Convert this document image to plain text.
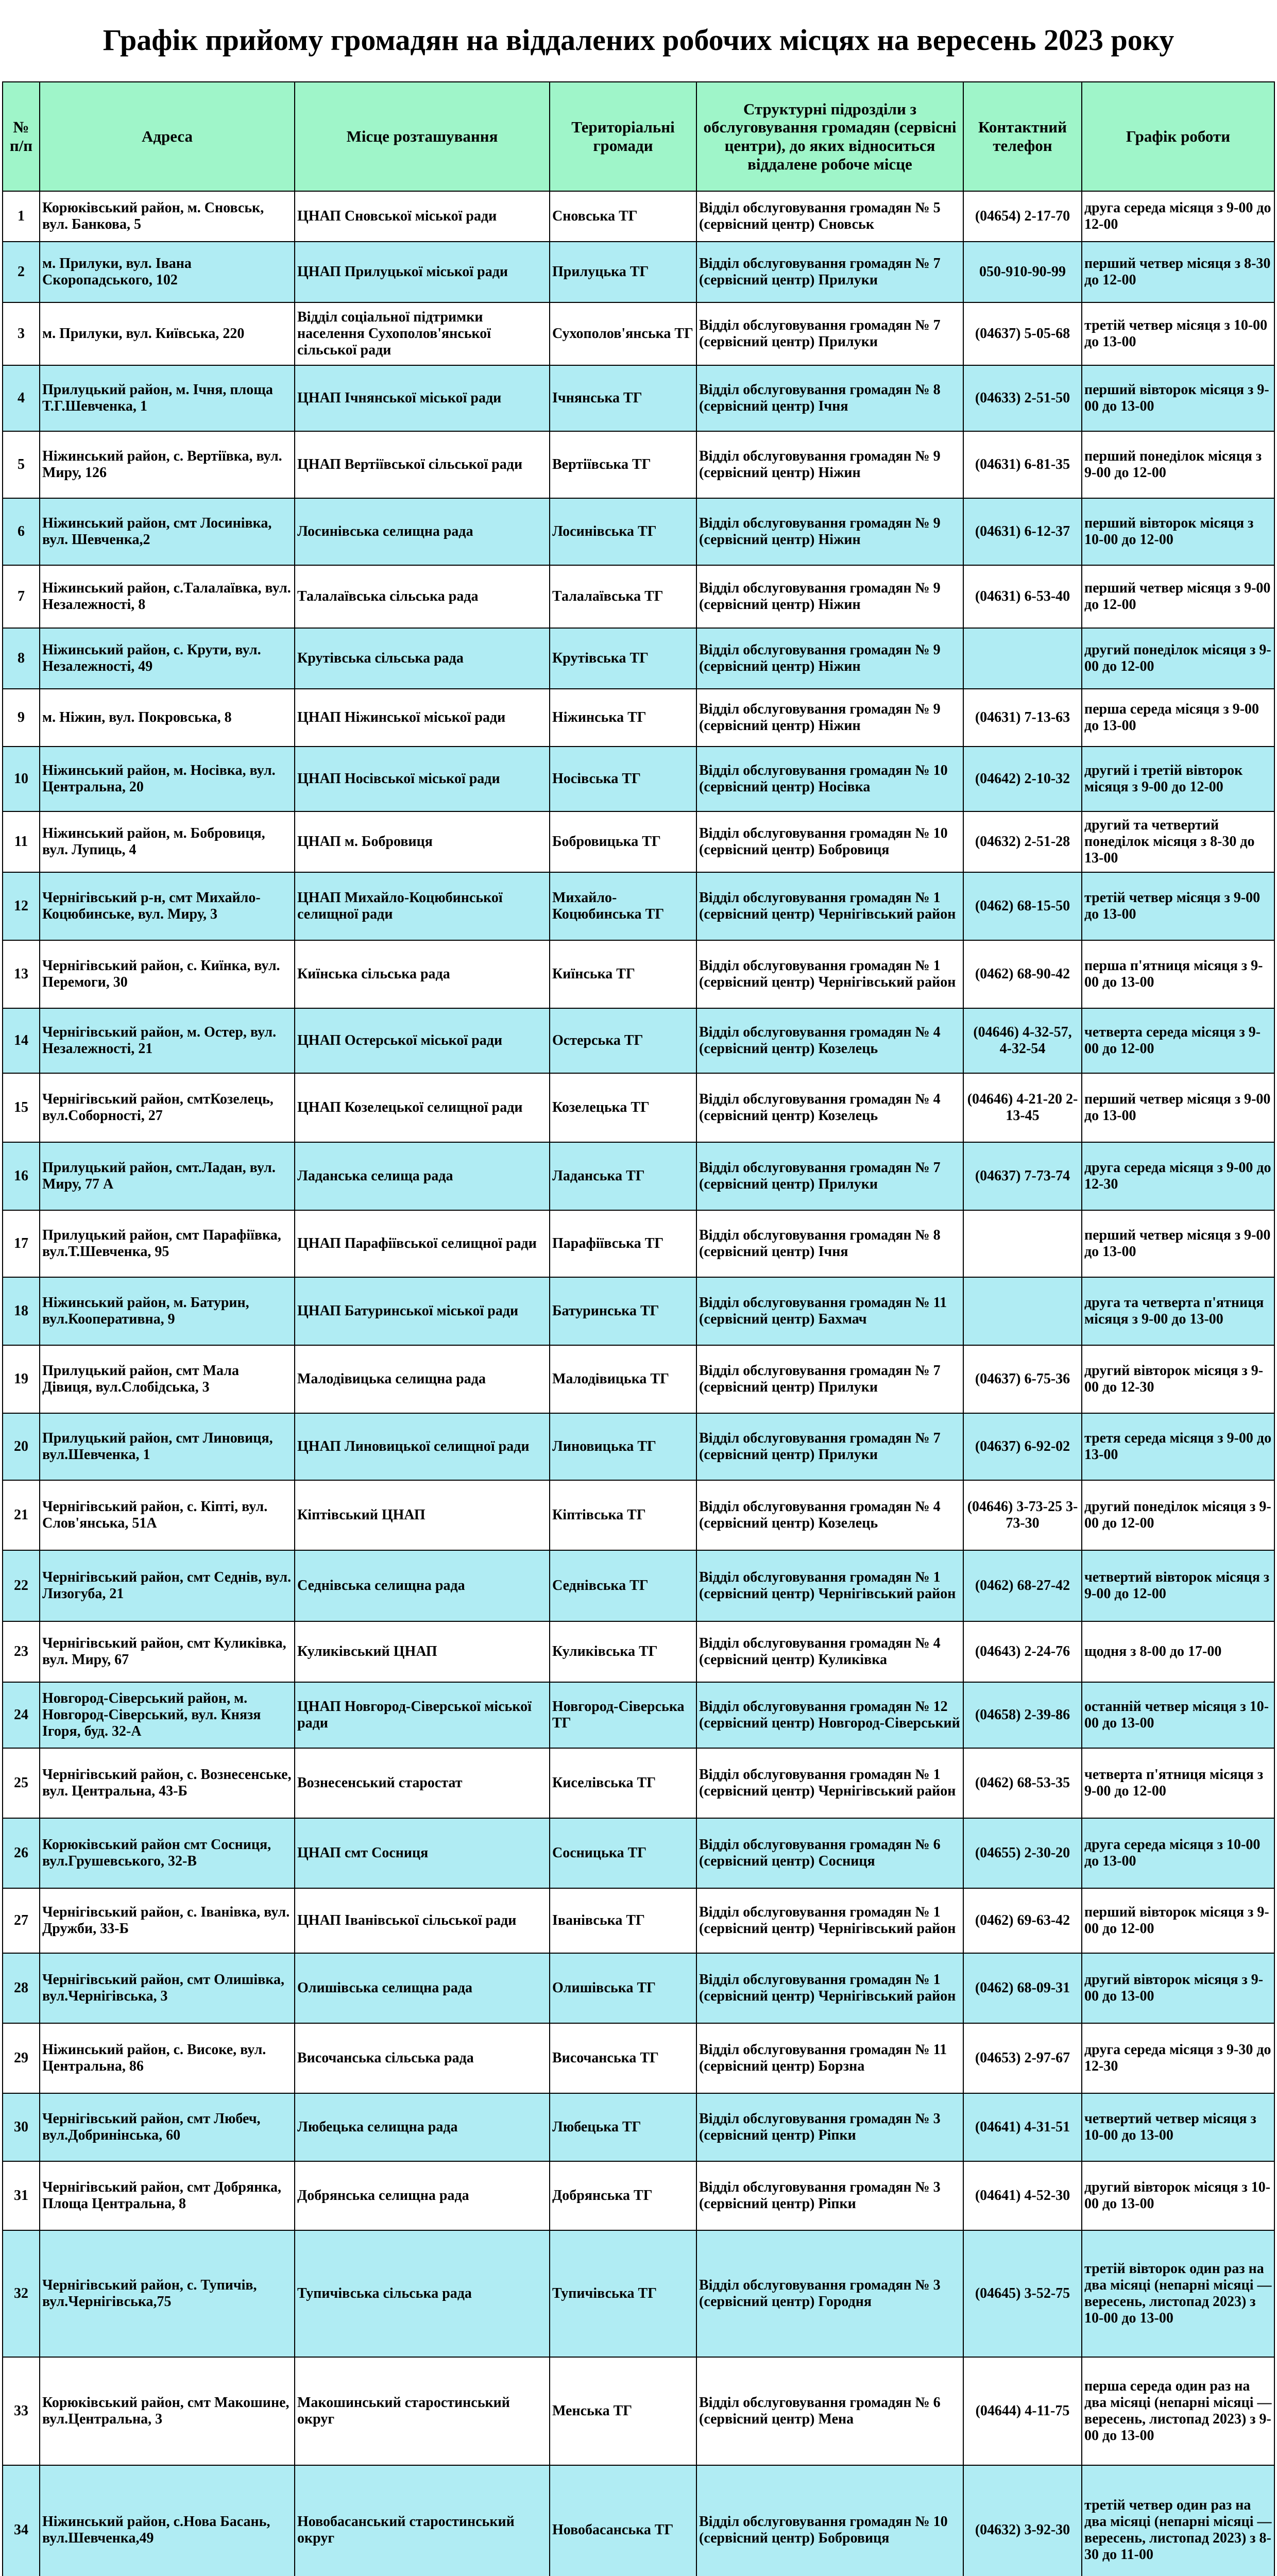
Графік прийому громадян на віддалених робочих місцях на вересень 2023 року
№ п/п	Адреса	Місце розташування	Територіальні громади	Структурні підрозділи з обслуговування громадян (сервісні центри), до яких відноситься віддалене робоче місце	Контактний телефон	Графік роботи
1	Корюківський район, м. Сновськ, вул. Банкова, 5	ЦНАП Сновської міської ради	Сновська ТГ	Відділ обслуговування громадян № 5 (сервісний центр) Сновськ	(04654) 2-17-70	друга середа місяця з 9-00 до 12-00
2	м. Прилуки, вул. Івана Скоропадського, 102	ЦНАП Прилуцької міської ради	Прилуцька ТГ	Відділ обслуговування громадян № 7 (сервісний центр) Прилуки	050-910-90-99	перший четвер місяця з 8-30 до 12-00
3	м. Прилуки, вул. Київська, 220	Відділ соціальної підтримки населення Сухополов'янської сільської ради	Сухополов'янська ТГ	Відділ обслуговування громадян № 7 (сервісний центр) Прилуки	(04637) 5-05-68	третій четвер місяця з 10-00 до 13-00
4	Прилуцький район, м. Ічня, площа Т.Г.Шевченка, 1	ЦНАП Ічнянської міської ради	Ічнянська ТГ	Відділ обслуговування громадян № 8 (сервісний центр) Ічня	(04633) 2-51-50	перший вівторок місяця з 9-00 до 13-00
5	Ніжинський район, с. Вертіївка, вул. Миру, 126	ЦНАП Вертіївської сільської ради	Вертіївська ТГ	Відділ обслуговування громадян № 9 (сервісний центр) Ніжин	(04631) 6-81-35	перший понеділок місяця з 9-00 до 12-00
6	Ніжинський район, смт Лосинівка, вул. Шевченка,2	Лосинівська селищна рада	Лосинівська ТГ	Відділ обслуговування громадян № 9 (сервісний центр) Ніжин	(04631) 6-12-37	перший вівторок місяця з 10-00 до 12-00
7	Ніжинський район, с.Талалаївка, вул. Незалежності, 8	Талалаївська сільська рада	Талалаївська ТГ	Відділ обслуговування громадян № 9 (сервісний центр) Ніжин	(04631) 6-53-40	перший четвер місяця з 9-00 до 12-00
8	Ніжинський район, с. Крути, вул. Незалежності, 49	Крутівська сільська рада	Крутівська ТГ	Відділ обслуговування громадян № 9 (сервісний центр) Ніжин		другий понеділок місяця з 9-00 до 12-00
9	м. Ніжин, вул. Покровська, 8	ЦНАП Ніжинської міської ради	Ніжинська ТГ	Відділ обслуговування громадян № 9 (сервісний центр) Ніжин	(04631) 7-13-63	перша середа місяця з 9-00 до 13-00
10	Ніжинський район, м. Носівка, вул. Центральна, 20	ЦНАП Носівської міської ради	Носівська ТГ	Відділ обслуговування громадян № 10 (сервісний центр) Носівка	(04642) 2-10-32	другий і третій вівторок місяця з 9-00 до 12-00
11	Ніжинський район, м. Бобровиця, вул. Лупиць, 4	ЦНАП м. Бобровиця	Бобровицька ТГ	Відділ обслуговування громадян № 10 (сервісний центр) Бобровиця	(04632) 2-51-28	другий та четвертий понеділок місяця з 8-30 до 13-00
12	Чернігівський р-н, смт Михайло-Коцюбинське, вул. Миру, 3	ЦНАП Михайло-Коцюбинської селищної ради	Михайло-Коцюбинська ТГ	Відділ обслуговування громадян № 1 (сервісний центр) Чернігівський район	(0462) 68-15-50	третій четвер місяця з 9-00 до 13-00
13	Чернігівський район, с. Киїнка, вул. Перемоги, 30	Киїнська сільська рада	Киїнська ТГ	Відділ обслуговування громадян № 1 (сервісний центр) Чернігівський район	(0462) 68-90-42	перша п'ятниця місяця з 9-00 до 13-00
14	Чернігівський район, м. Остер, вул. Незалежності, 21	ЦНАП Остерської міської ради	Остерська ТГ	Відділ обслуговування громадян № 4 (сервісний центр) Козелець	(04646) 4-32-57, 4-32-54	четверта середа місяця з 9-00 до 12-00
15	Чернігівський район, смтКозелець, вул.Соборності, 27	ЦНАП Козелецької селищної ради	Козелецька ТГ	Відділ обслуговування громадян № 4 (сервісний центр) Козелець	(04646) 4-21-20 2-13-45	перший четвер місяця з 9-00 до 13-00
16	Прилуцький район, смт.Ладан, вул. Миру, 77 А	Ладанська селища рада	Ладанська ТГ	Відділ обслуговування громадян № 7 (сервісний центр) Прилуки	(04637) 7-73-74	друга середа місяця з 9-00 до 12-30
17	Прилуцький район, смт Парафіївка, вул.Т.Шевченка, 95	ЦНАП Парафіївської селищної ради	Парафіївська ТГ	Відділ обслуговування громадян № 8 (сервісний центр) Ічня		перший четвер місяця з 9-00 до 13-00
18	Ніжинський район, м. Батурин, вул.Кооперативна, 9	ЦНАП Батуринської міської ради	Батуринська ТГ	Відділ обслуговування громадян № 11 (сервісний центр) Бахмач		друга та четверта п'ятниця місяця з 9-00 до 13-00
19	Прилуцький район, смт Мала Дівиця, вул.Слобідська, 3	Малодівицька селищна рада	Малодівицька ТГ	Відділ обслуговування громадян № 7 (сервісний центр) Прилуки	(04637) 6-75-36	другий вівторок місяця з 9-00 до 12-30
20	Прилуцький район, смт Линовиця, вул.Шевченка, 1	ЦНАП Линовицької селищної ради	Линовицька ТГ	Відділ обслуговування громадян № 7 (сервісний центр) Прилуки	(04637) 6-92-02	третя середа місяця з 9-00 до 13-00
21	Чернігівський район, с. Кіпті, вул. Слов'янська, 51А	Кіптівський ЦНАП	Кіптівська ТГ	Відділ обслуговування громадян № 4 (сервісний центр) Козелець	(04646) 3-73-25 3-73-30	другий понеділок місяця з 9-00 до 12-00
22	Чернігівський район, смт Седнів, вул. Лизогуба, 21	Седнівська селищна рада	Седнівська ТГ	Відділ обслуговування громадян № 1 (сервісний центр) Чернігівський район	(0462) 68-27-42	четвертий вівторок місяця з 9-00 до 12-00
23	Чернігівський район, смт Куликівка, вул. Миру, 67	Куликівський ЦНАП	Куликівська ТГ	Відділ обслуговування громадян № 4 (сервісний центр) Куликівка	(04643) 2-24-76	щодня з 8-00 до 17-00
24	Новгород-Сіверський район, м. Новгород-Сіверський, вул. Князя Ігоря, буд. 32-А	ЦНАП Новгород-Сіверської міської ради	Новгород-Сіверська ТГ	Відділ обслуговування громадян № 12 (сервісний центр) Новгород-Сіверський	(04658) 2-39-86	останній четвер місяця з 10-00 до 13-00
25	Чернігівський район, с. Вознесенське, вул. Центральна, 43-Б	Вознесенський старостат	Киселівська ТГ	Відділ обслуговування громадян № 1 (сервісний центр) Чернігівський район	(0462) 68-53-35	четверта п'ятниця місяця з 9-00 до 12-00
26	Корюківський район смт Сосниця, вул.Грушевського, 32-В	ЦНАП смт Сосниця	Сосницька ТГ	Відділ обслуговування громадян № 6 (сервісний центр) Сосниця	(04655) 2-30-20	друга середа місяця з 10-00 до 13-00
27	Чернігівський район, с. Іванівка, вул. Дружби, 33-Б	ЦНАП Іванівської сільської ради	Іванівська ТГ	Відділ обслуговування громадян № 1 (сервісний центр) Чернігівський район	(0462) 69-63-42	перший вівторок місяця з 9-00 до 12-00
28	Чернігівський район, смт Олишівка, вул.Чернігівська, 3	Олишівська селищна рада	Олишівська ТГ	Відділ обслуговування громадян № 1 (сервісний центр) Чернігівський район	(0462) 68-09-31	другий вівторок місяця з 9-00 до 13-00
29	Ніжинський район, с. Високе, вул. Центральна, 86	Височанська сільська рада	Височанська ТГ	Відділ обслуговування громадян № 11 (сервісний центр) Борзна	(04653) 2-97-67	друга середа місяця з 9-30 до 12-30
30	Чернігівський район, смт Любеч, вул.Добринінська, 60	Любецька селищна рада	Любецька ТГ	Відділ обслуговування громадян № 3 (сервісний центр) Ріпки	(04641) 4-31-51	четвертий четвер місяця з 10-00 до 13-00
31	Чернігівський район, смт Добрянка, Площа Центральна, 8	Добрянська селищна рада	Добрянська ТГ	Відділ обслуговування громадян № 3 (сервісний центр) Ріпки	(04641) 4-52-30	другий вівторок місяця з 10-00 до 13-00
32	Чернігівський район, с. Тупичів, вул.Чернігівська,75	Тупичівська сільська рада	Тупичівська ТГ	Відділ обслуговування громадян № 3 (сервісний центр) Городня	(04645) 3-52-75	третій вівторок один раз на два місяці (непарні місяці — вересень, листопад 2023) з 10-00 до 13-00
33	Корюківський район, смт Макошине, вул.Центральна, 3	Макошинський старостинський округ	Менська ТГ	Відділ обслуговування громадян № 6 (сервісний центр) Мена	(04644) 4-11-75	перша середа один раз на два місяці (непарні місяці — вересень, листопад 2023) з 9-00 до 13-00
34	Ніжинський район, с.Нова Басань, вул.Шевченка,49	Новобасанський старостинський округ	Новобасанська ТГ	Відділ обслуговування громадян № 10 (сервісний центр) Бобровиця	(04632) 3-92-30	третій четвер один раз на два місяці (непарні місяці — вересень, листопад 2023) з 8-30 до 11-00
